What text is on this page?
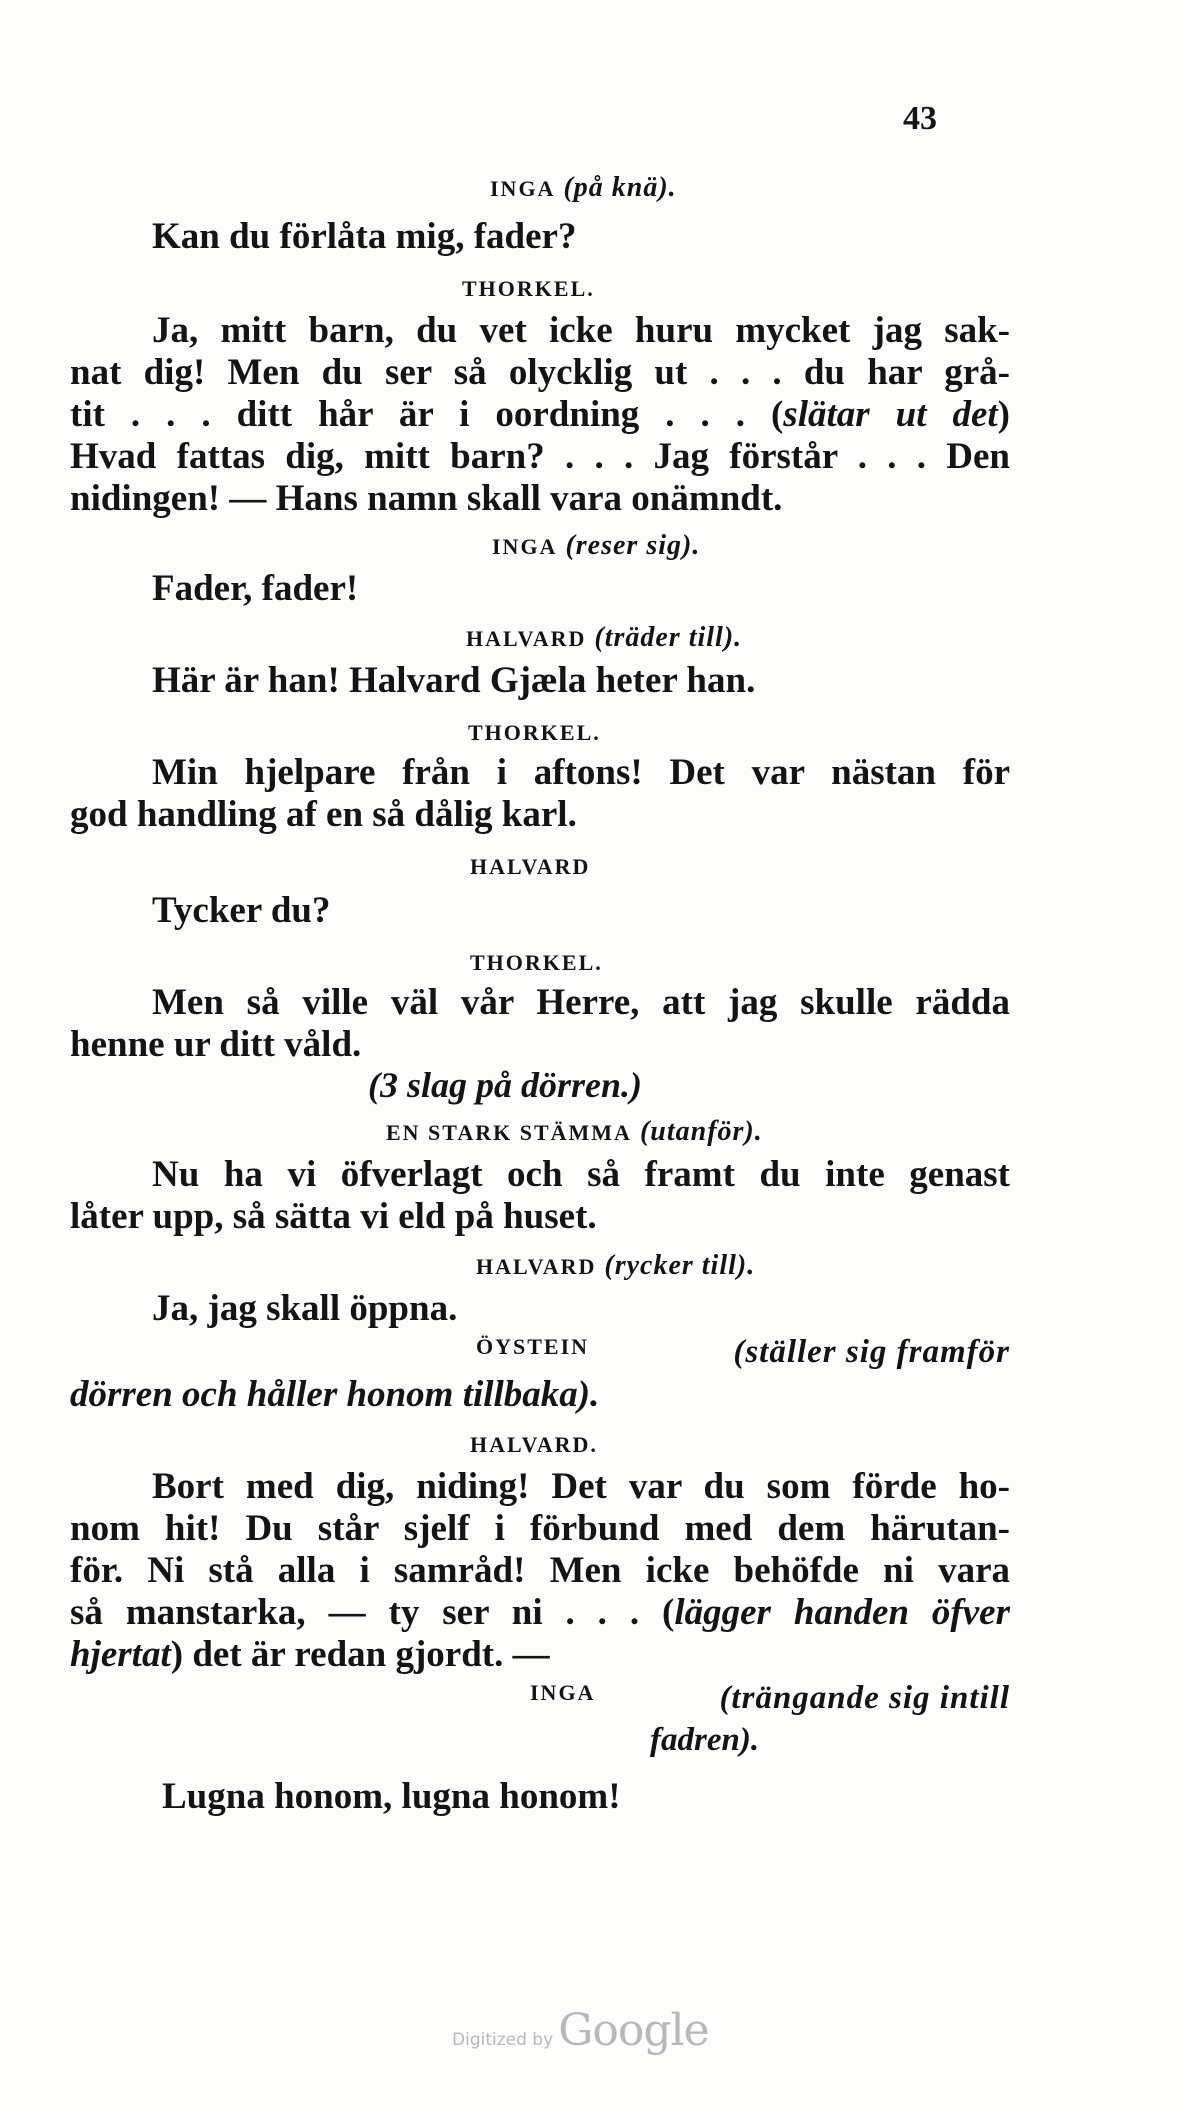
43
INGA (på knä).
Kan du förlåta mig, fader?
THORKEL.
Ja, mitt barn, du vet icke huru mycket jag sak-
nat dig! Men du ser så olycklig ut . . . du har grå-
tit . . . ditt hår är i oordning . . . (slätar ut det)
Hvad fattas dig, mitt barn? . . . Jag förstår . . . Den
nidingen! — Hans namn skall vara onämndt.
INGA (reser sig).
Fader, fader!
HALVARD (träder till).
Här är han! Halvard Gjæla heter han.
THORKEL.
Min hjelpare från i aftons! Det var nästan för
god handling af en så dålig karl.
HALVARD
Tycker du?
THORKEL.
Men så ville väl vår Herre, att jag skulle rädda
henne ur ditt våld.
(3 slag på dörren.)
EN STARK STÄMMA (utanför).
Nu ha vi öfverlagt och så framt du inte genast
låter upp, så sätta vi eld på huset.
HALVARD (rycker till).
Ja, jag skall öppna.
ÖYSTEIN	(ställer sig framför
dörren och håller honom tillbaka).
HALVARD.
Bort med dig, niding! Det var du som förde ho-
nom hit! Du står sjelf i förbund med dem härutan-
för. Ni stå alla i samråd! Men icke behöfde ni vara
så manstarka, — ty ser ni . . . (lägger handen öfver
hjertat) det är redan gjordt. —
INGA	(trängande sig intill
fadren).
Lugna honom, lugna honom!
Digitized by Google
